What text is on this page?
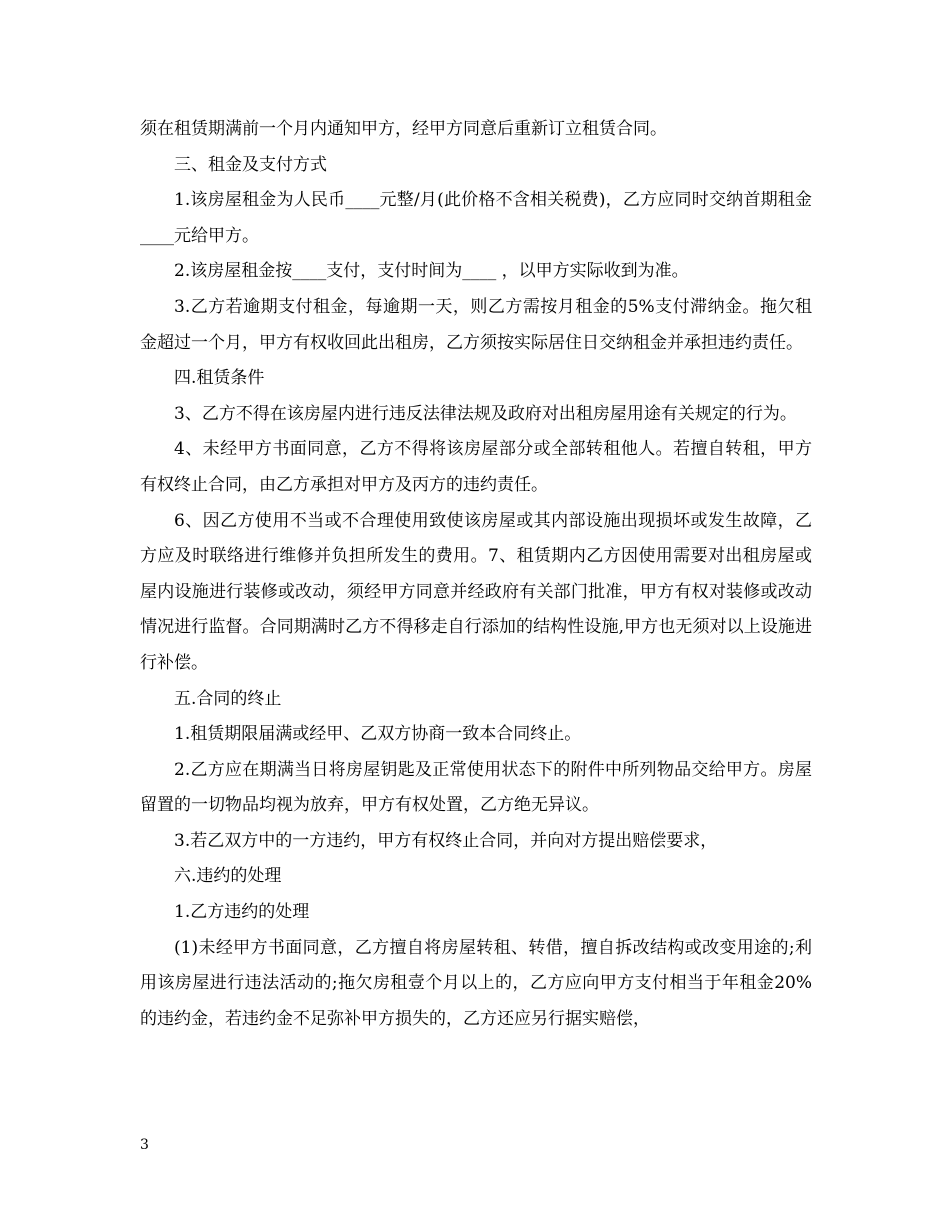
须在租赁期满前一个月内通知甲方，经甲方同意后重新订立租赁合同。

三、租金及支付方式

1.该房屋租金为人民币____元整/月(此价格不含相关税费)，乙方应同时交纳首期租金____元给甲方。

2.该房屋租金按____支付，支付时间为____ ，以甲方实际收到为准。

3.乙方若逾期支付租金，每逾期一天，则乙方需按月租金的5%支付滞纳金。拖欠租金超过一个月，甲方有权收回此出租房，乙方须按实际居住日交纳租金并承担违约责任。

四.租赁条件

3、乙方不得在该房屋内进行违反法律法规及政府对出租房屋用途有关规定的行为。

4、未经甲方书面同意，乙方不得将该房屋部分或全部转租他人。若擅自转租，甲方有权终止合同，由乙方承担对甲方及丙方的违约责任。

6、因乙方使用不当或不合理使用致使该房屋或其内部设施出现损坏或发生故障，乙方应及时联络进行维修并负担所发生的费用。7、租赁期内乙方因使用需要对出租房屋或屋内设施进行装修或改动，须经甲方同意并经政府有关部门批准，甲方有权对装修或改动情况进行监督。合同期满时乙方不得移走自行添加的结构性设施,甲方也无须对以上设施进行补偿。

五.合同的终止

1.租赁期限届满或经甲、乙双方协商一致本合同终止。

2.乙方应在期满当日将房屋钥匙及正常使用状态下的附件中所列物品交给甲方。房屋留置的一切物品均视为放弃，甲方有权处置，乙方绝无异议。

3.若乙双方中的一方违约，甲方有权终止合同，并向对方提出赔偿要求，

六.违约的处理

1.乙方违约的处理

(1)未经甲方书面同意，乙方擅自将房屋转租、转借，擅自拆改结构或改变用途的;利用该房屋进行违法活动的;拖欠房租壹个月以上的，乙方应向甲方支付相当于年租金20%的违约金，若违约金不足弥补甲方损失的，乙方还应另行据实赔偿，

3
